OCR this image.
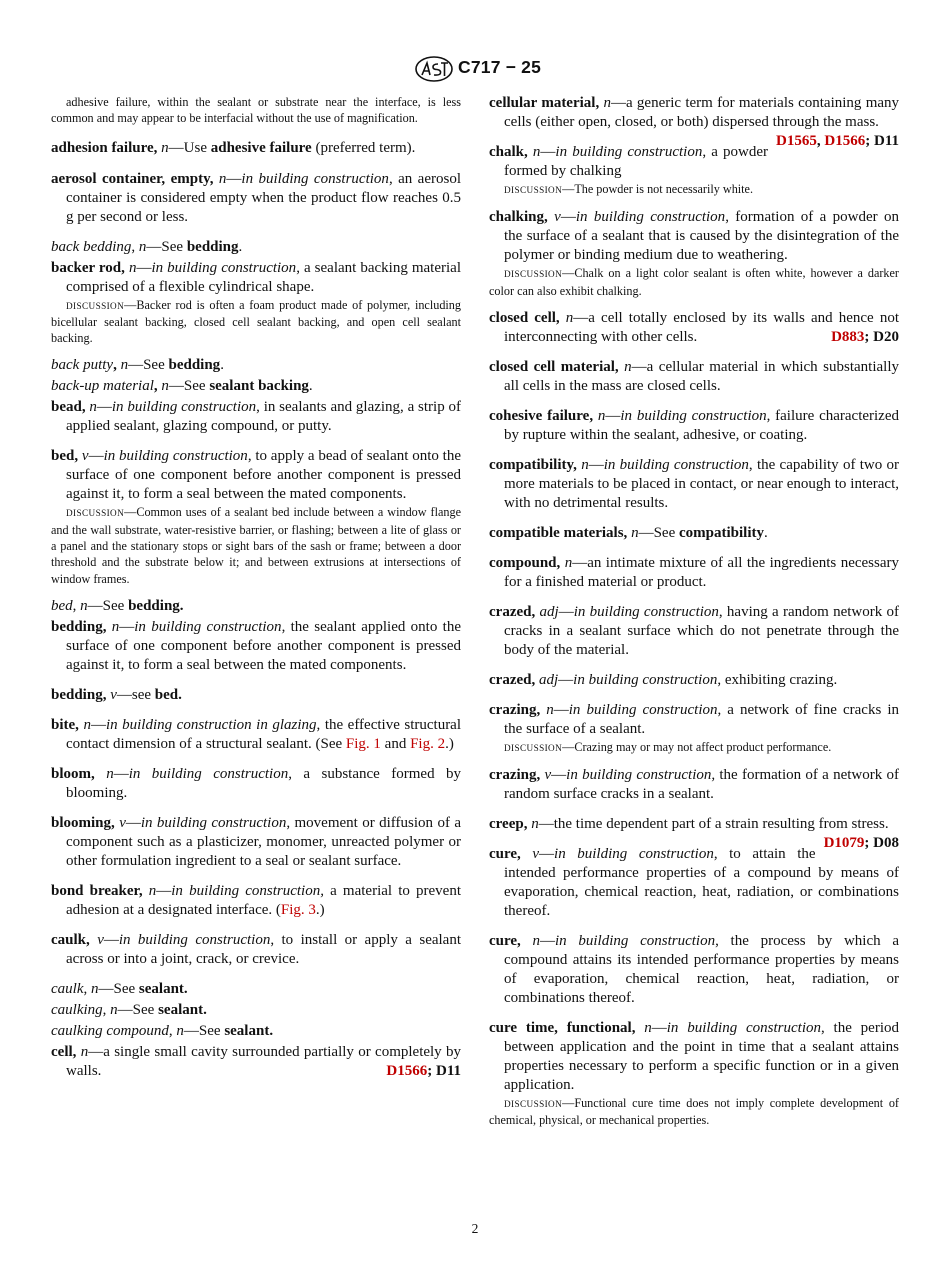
C717 − 25

adhesive failure, within the sealant or substrate near the interface, is less common and may appear to be interfacial without the use of magnification.

adhesion failure, n—Use adhesive failure (preferred term).

aerosol container, empty, n—in building construction, an aerosol container is considered empty when the product flow reaches 0.5 g per second or less.

back bedding, n—See bedding.

backer rod, n—in building construction, a sealant backing material comprised of a flexible cylindrical shape.

DISCUSSION—Backer rod is often a foam product made of polymer, including bicellular sealant backing, closed cell sealant backing, and open cell sealant backing.

back putty, n—See bedding.

back-up material, n—See sealant backing.

bead, n—in building construction, in sealants and glazing, a strip of applied sealant, glazing compound, or putty.

bed, v—in building construction, to apply a bead of sealant onto the surface of one component before another component is pressed against it, to form a seal between the mated components.

DISCUSSION—Common uses of a sealant bed include between a window flange and the wall substrate, water-resistive barrier, or flashing; between a lite of glass or a panel and the stationary stops or sight bars of the sash or frame; between a door threshold and the substrate below it; and between extrusions at intersections of window frames.

bed, n—See bedding.

bedding, n—in building construction, the sealant applied onto the surface of one component before another component is pressed against it, to form a seal between the mated components.

bedding, v—see bed.

bite, n—in building construction in glazing, the effective structural contact dimension of a structural sealant. (See Fig. 1 and Fig. 2.)

bloom, n—in building construction, a substance formed by blooming.

blooming, v—in building construction, movement or diffusion of a component such as a plasticizer, monomer, unreacted polymer or other formulation ingredient to a seal or sealant surface.

bond breaker, n—in building construction, a material to prevent adhesion at a designated interface. (Fig. 3.)

caulk, v—in building construction, to install or apply a sealant across or into a joint, crack, or crevice.

caulk, n—See sealant.

caulking, n—See sealant.

caulking compound, n—See sealant.

cell, n—a single small cavity surrounded partially or completely by walls.	D1566; D11

cellular material, n—a generic term for materials containing many cells (either open, closed, or both) dispersed through the mass.
D1565, D1566; D11

chalk, n—in building construction, a powder formed by chalking

DISCUSSION—The powder is not necessarily white.

chalking, v—in building construction, formation of a powder on the surface of a sealant that is caused by the disintegration of the polymer or binding medium due to weathering.

DISCUSSION—Chalk on a light color sealant is often white, however a darker color can also exhibit chalking.

closed cell, n—a cell totally enclosed by its walls and hence not interconnecting with other cells.	D883; D20

closed cell material, n—a cellular material in which substantially all cells in the mass are closed cells.

cohesive failure, n—in building construction, failure characterized by rupture within the sealant, adhesive, or coating.

compatibility, n—in building construction, the capability of two or more materials to be placed in contact, or near enough to interact, with no detrimental results.

compatible materials, n—See compatibility.

compound, n—an intimate mixture of all the ingredients necessary for a finished material or product.

crazed, adj—in building construction, having a random network of cracks in a sealant surface which do not penetrate through the body of the material.

crazed, adj—in building construction, exhibiting crazing.

crazing, n—in building construction, a network of fine cracks in the surface of a sealant.

DISCUSSION—Crazing may or may not affect product performance.

crazing, v—in building construction, the formation of a network of random surface cracks in a sealant.

creep, n—the time dependent part of a strain resulting from stress.
D1079; D08

cure, v—in building construction, to attain the intended performance properties of a compound by means of evaporation, chemical reaction, heat, radiation, or combinations thereof.

cure, n—in building construction, the process by which a compound attains its intended performance properties by means of evaporation, chemical reaction, heat, radiation, or combinations thereof.

cure time, functional, n—in building construction, the period between application and the point in time that a sealant attains properties necessary to perform a specific function or in a given application.

DISCUSSION—Functional cure time does not imply complete development of chemical, physical, or mechanical properties.

2
